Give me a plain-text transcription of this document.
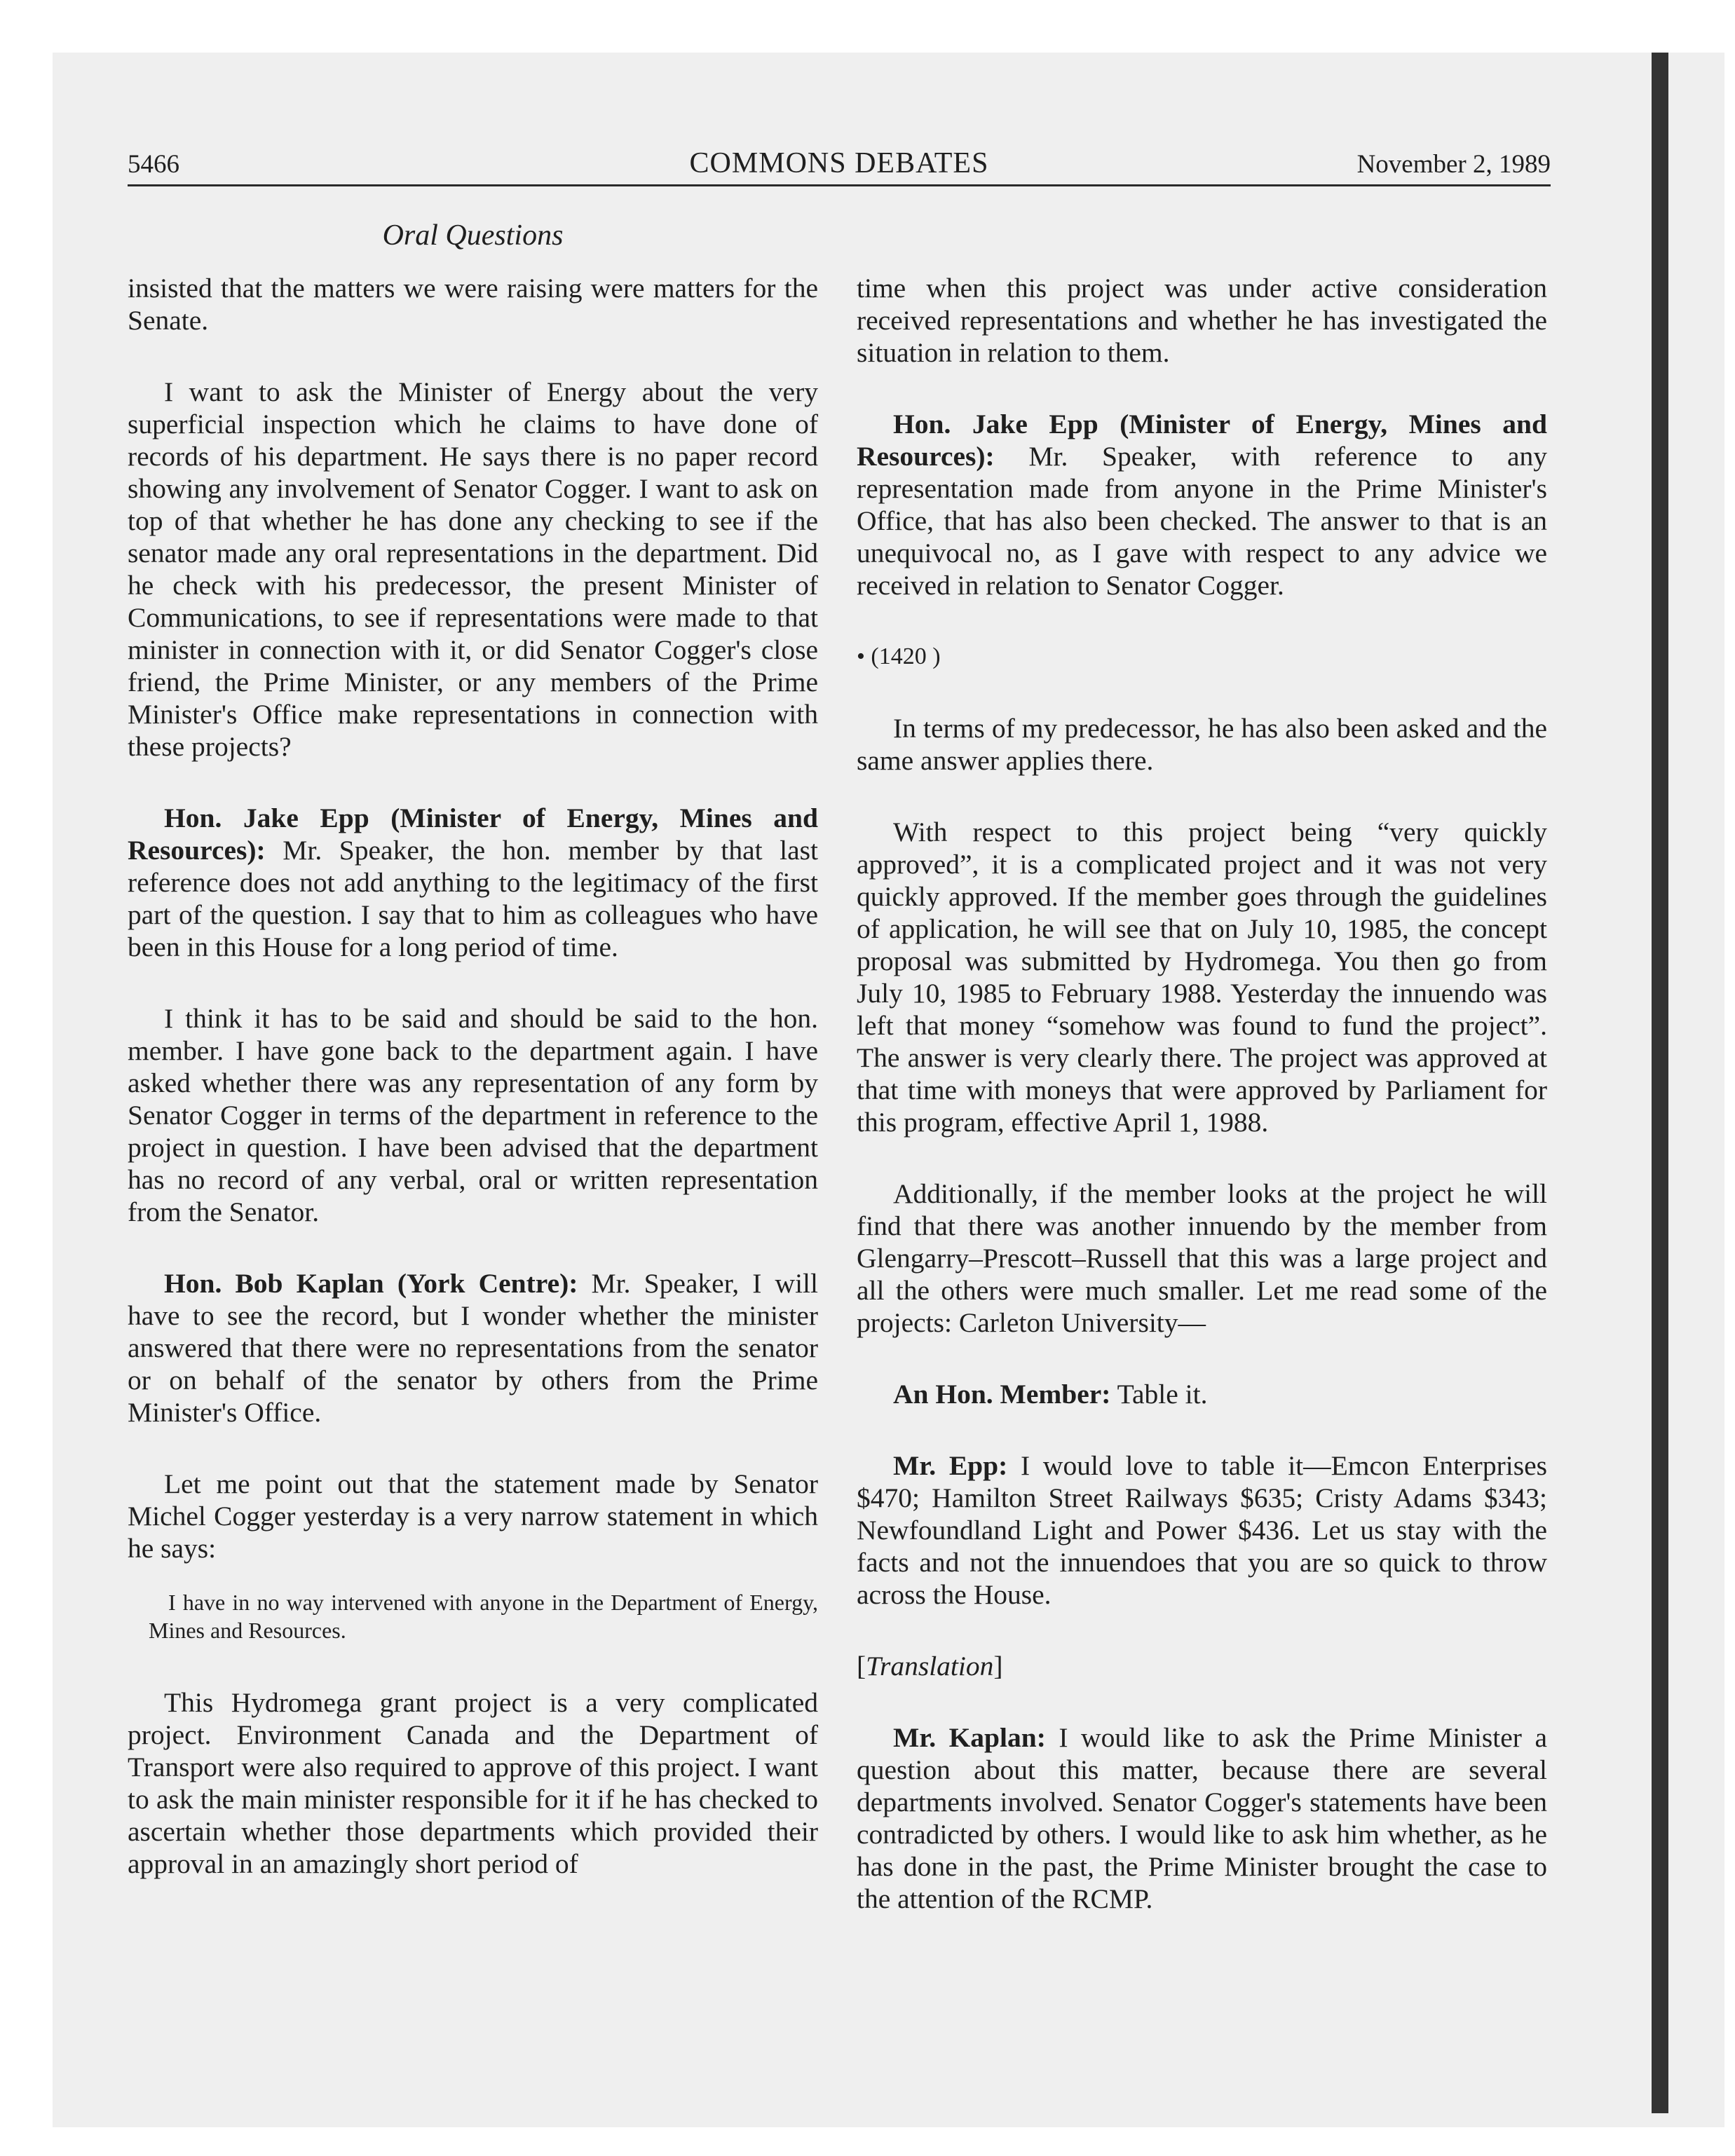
5466	COMMONS DEBATES	November 2, 1989
Oral Questions

insisted that the matters we were raising were matters for the Senate.

I want to ask the Minister of Energy about the very superficial inspection which he claims to have done of records of his department. He says there is no paper record showing any involvement of Senator Cogger. I want to ask on top of that whether he has done any checking to see if the senator made any oral representations in the department. Did he check with his predecessor, the present Minister of Communications, to see if representations were made to that minister in connection with it, or did Senator Cogger's close friend, the Prime Minister, or any members of the Prime Minister's Office make representations in connection with these projects?

Hon. Jake Epp (Minister of Energy, Mines and Resources): Mr. Speaker, the hon. member by that last reference does not add anything to the legitimacy of the first part of the question. I say that to him as colleagues who have been in this House for a long period of time.

I think it has to be said and should be said to the hon. member. I have gone back to the department again. I have asked whether there was any representation of any form by Senator Cogger in terms of the department in reference to the project in question. I have been advised that the department has no record of any verbal, oral or written representation from the Senator.

Hon. Bob Kaplan (York Centre): Mr. Speaker, I will have to see the record, but I wonder whether the minister answered that there were no representations from the senator or on behalf of the senator by others from the Prime Minister's Office.

Let me point out that the statement made by Senator Michel Cogger yesterday is a very narrow statement in which he says:

I have in no way intervened with anyone in the Department of Energy, Mines and Resources.

This Hydromega grant project is a very complicated project. Environment Canada and the Department of Transport were also required to approve of this project. I want to ask the main minister responsible for it if he has checked to ascertain whether those departments which provided their approval in an amazingly short period of

time when this project was under active consideration received representations and whether he has investigated the situation in relation to them.

Hon. Jake Epp (Minister of Energy, Mines and Resources): Mr. Speaker, with reference to any representation made from anyone in the Prime Minister's Office, that has also been checked. The answer to that is an unequivocal no, as I gave with respect to any advice we received in relation to Senator Cogger.

• (1420 )

In terms of my predecessor, he has also been asked and the same answer applies there.

With respect to this project being “very quickly approved”, it is a complicated project and it was not very quickly approved. If the member goes through the guidelines of application, he will see that on July 10, 1985, the concept proposal was submitted by Hydromega. You then go from July 10, 1985 to February 1988. Yesterday the innuendo was left that money “somehow was found to fund the project”. The answer is very clearly there. The project was approved at that time with moneys that were approved by Parliament for this program, effective April 1, 1988.

Additionally, if the member looks at the project he will find that there was another innuendo by the member from Glengarry–Prescott–Russell that this was a large project and all the others were much smaller. Let me read some of the projects: Carleton University—

An Hon. Member: Table it.

Mr. Epp: I would love to table it—Emcon Enterprises $470; Hamilton Street Railways $635; Cristy Adams $343; Newfoundland Light and Power $436. Let us stay with the facts and not the innuendoes that you are so quick to throw across the House.

[Translation]

Mr. Kaplan: I would like to ask the Prime Minister a question about this matter, because there are several departments involved. Senator Cogger's statements have been contradicted by others. I would like to ask him whether, as he has done in the past, the Prime Minister brought the case to the attention of the RCMP.
